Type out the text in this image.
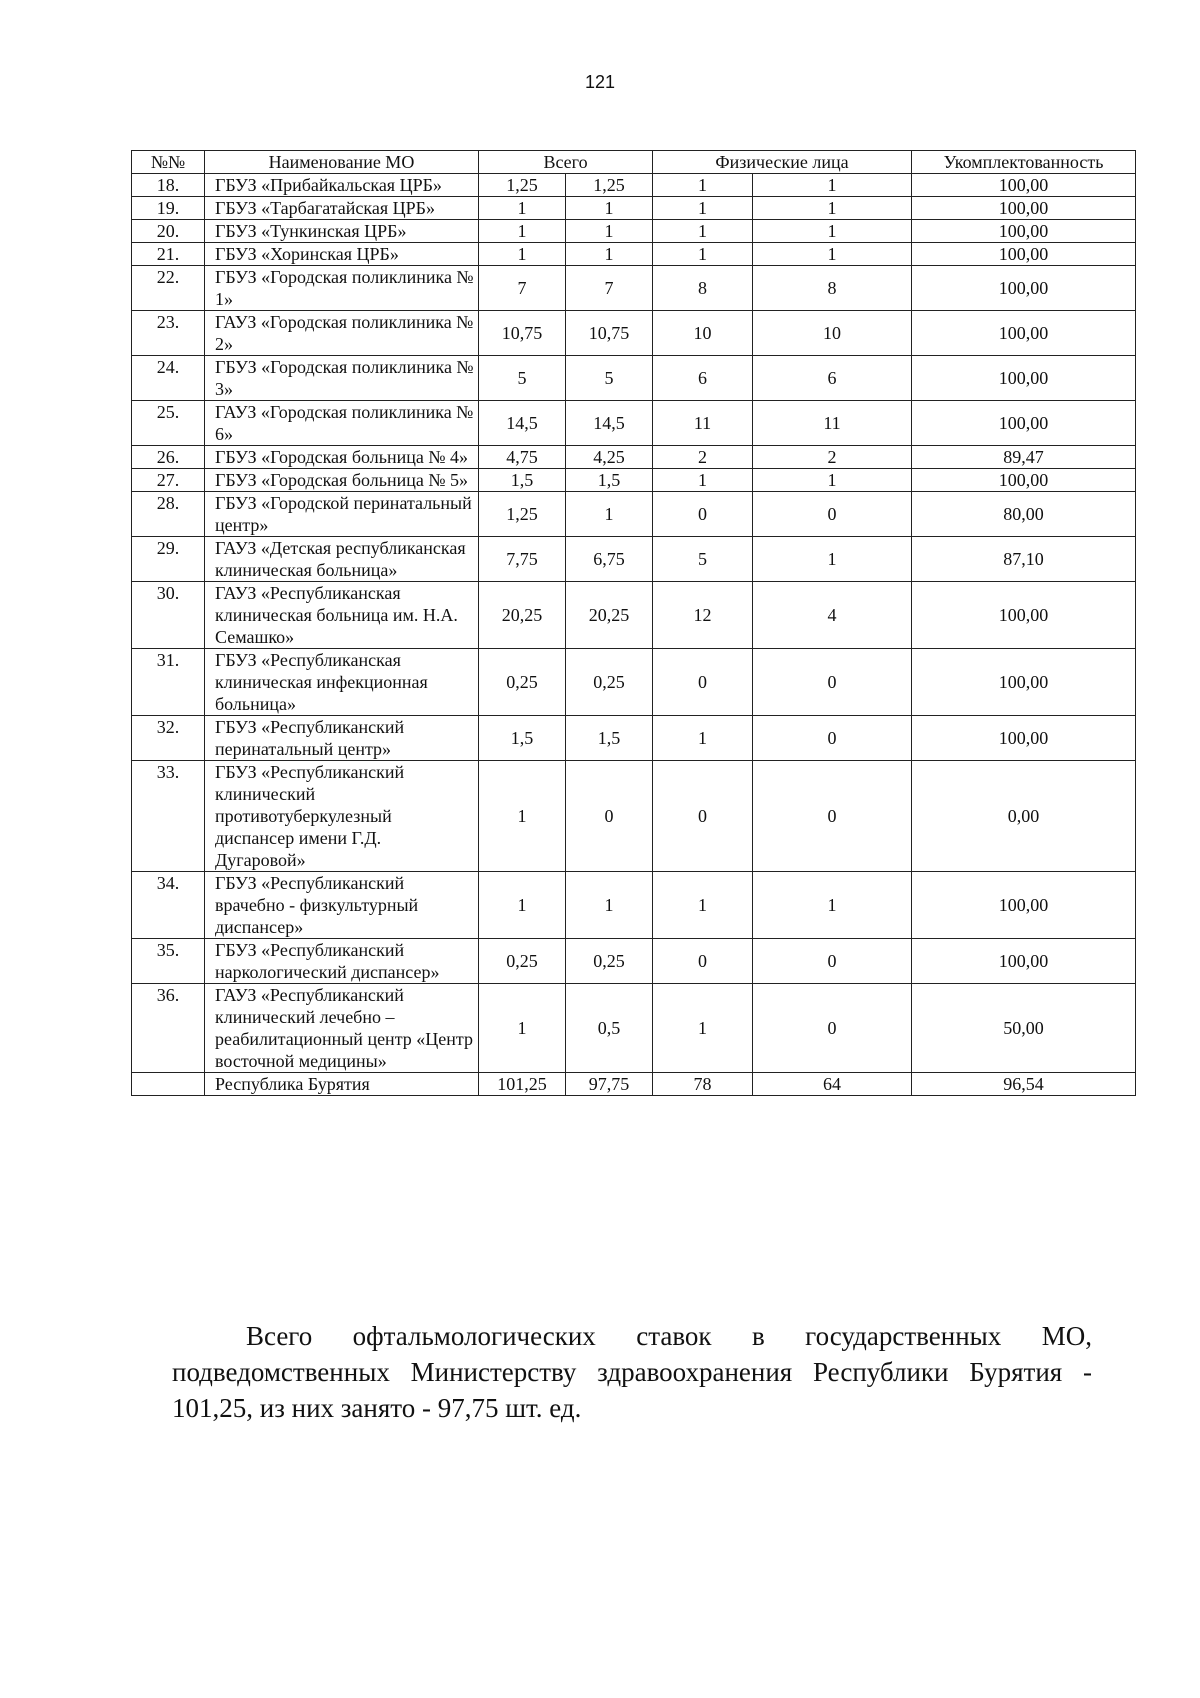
121
№№	Наименование МО	Всего		Физические лица		Укомплектованность
18.	ГБУЗ «Прибайкальская ЦРБ»	1,25	1,25	1	1	100,00
19.	ГБУЗ «Тарбагатайская ЦРБ»	1	1	1	1	100,00
20.	ГБУЗ «Тункинская ЦРБ»	1	1	1	1	100,00
21.	ГБУЗ «Хоринская ЦРБ»	1	1	1	1	100,00
22.	ГБУЗ «Городская поликлиника № 1»	7	7	8	8	100,00
23.	ГАУЗ «Городская поликлиника № 2»	10,75	10,75	10	10	100,00
24.	ГБУЗ «Городская поликлиника № 3»	5	5	6	6	100,00
25.	ГАУЗ «Городская поликлиника № 6»	14,5	14,5	11	11	100,00
26.	ГБУЗ «Городская больница № 4»	4,75	4,25	2	2	89,47
27.	ГБУЗ «Городская больница № 5»	1,5	1,5	1	1	100,00
28.	ГБУЗ «Городской перинатальный центр»	1,25	1	0	0	80,00
29.	ГАУЗ «Детская республиканская клиническая больница»	7,75	6,75	5	1	87,10
30.	ГАУЗ «Республиканская клиническая больница им. Н.А. Семашко»	20,25	20,25	12	4	100,00
31.	ГБУЗ «Республиканская клиническая инфекционная больница»	0,25	0,25	0	0	100,00
32.	ГБУЗ «Республиканский перинатальный центр»	1,5	1,5	1	0	100,00
33.	ГБУЗ «Республиканский клинический противотуберкулезный диспансер имени Г.Д. Дугаровой»	1	0	0	0	0,00
34.	ГБУЗ «Республиканский врачебно - физкультурный диспансер»	1	1	1	1	100,00
35.	ГБУЗ «Республиканский наркологический диспансер»	0,25	0,25	0	0	100,00
36.	ГАУЗ «Республиканский клинический лечебно – реабилитационный центр «Центр восточной медицины»	1	0,5	1	0	50,00
	Республика Бурятия	101,25	97,75	78	64	96,54
Всего офтальмологических ставок в государственных МО, подведомственных Министерству здравоохранения Республики Бурятия - 101,25, из них занято - 97,75 шт. ед.
